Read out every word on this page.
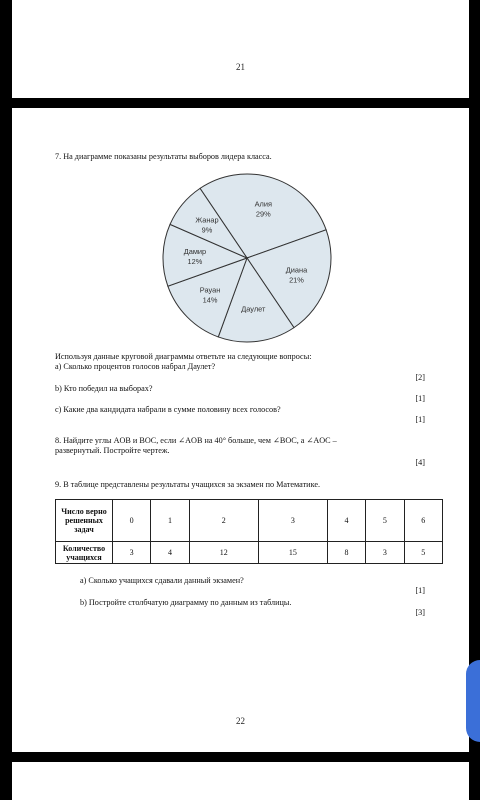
21
7. На диаграмме показаны результаты выборов лидера класса.
Алия
29%
Диана
21%
Даулет
Рауан
14%
Дамир
12%
Жанар
9%
Используя данные круговой диаграммы ответьте на следующие вопросы:
a) Сколько процентов голосов набрал Даулет?
[2]
b) Кто победил на выборах?
[1]
c) Какие два кандидата набрали в сумме половину всех голосов?
[1]
8. Найдите углы AOB и BOC, если ∠AOB на 40° больше, чем ∠BOC, а ∠AOC –
развернутый. Постройте чертеж.
[4]
9. В таблице представлены результаты учащихся за экзамен по Математике.
Число верно решенных задач	0	1	2	3	4	5	6
Количество учащихся	3	4	12	15	8	3	5
a) Сколько учащихся сдавали данный экзамен?
[1]
b) Постройте столбчатую диаграмму по данным из таблицы.
[3]
22
